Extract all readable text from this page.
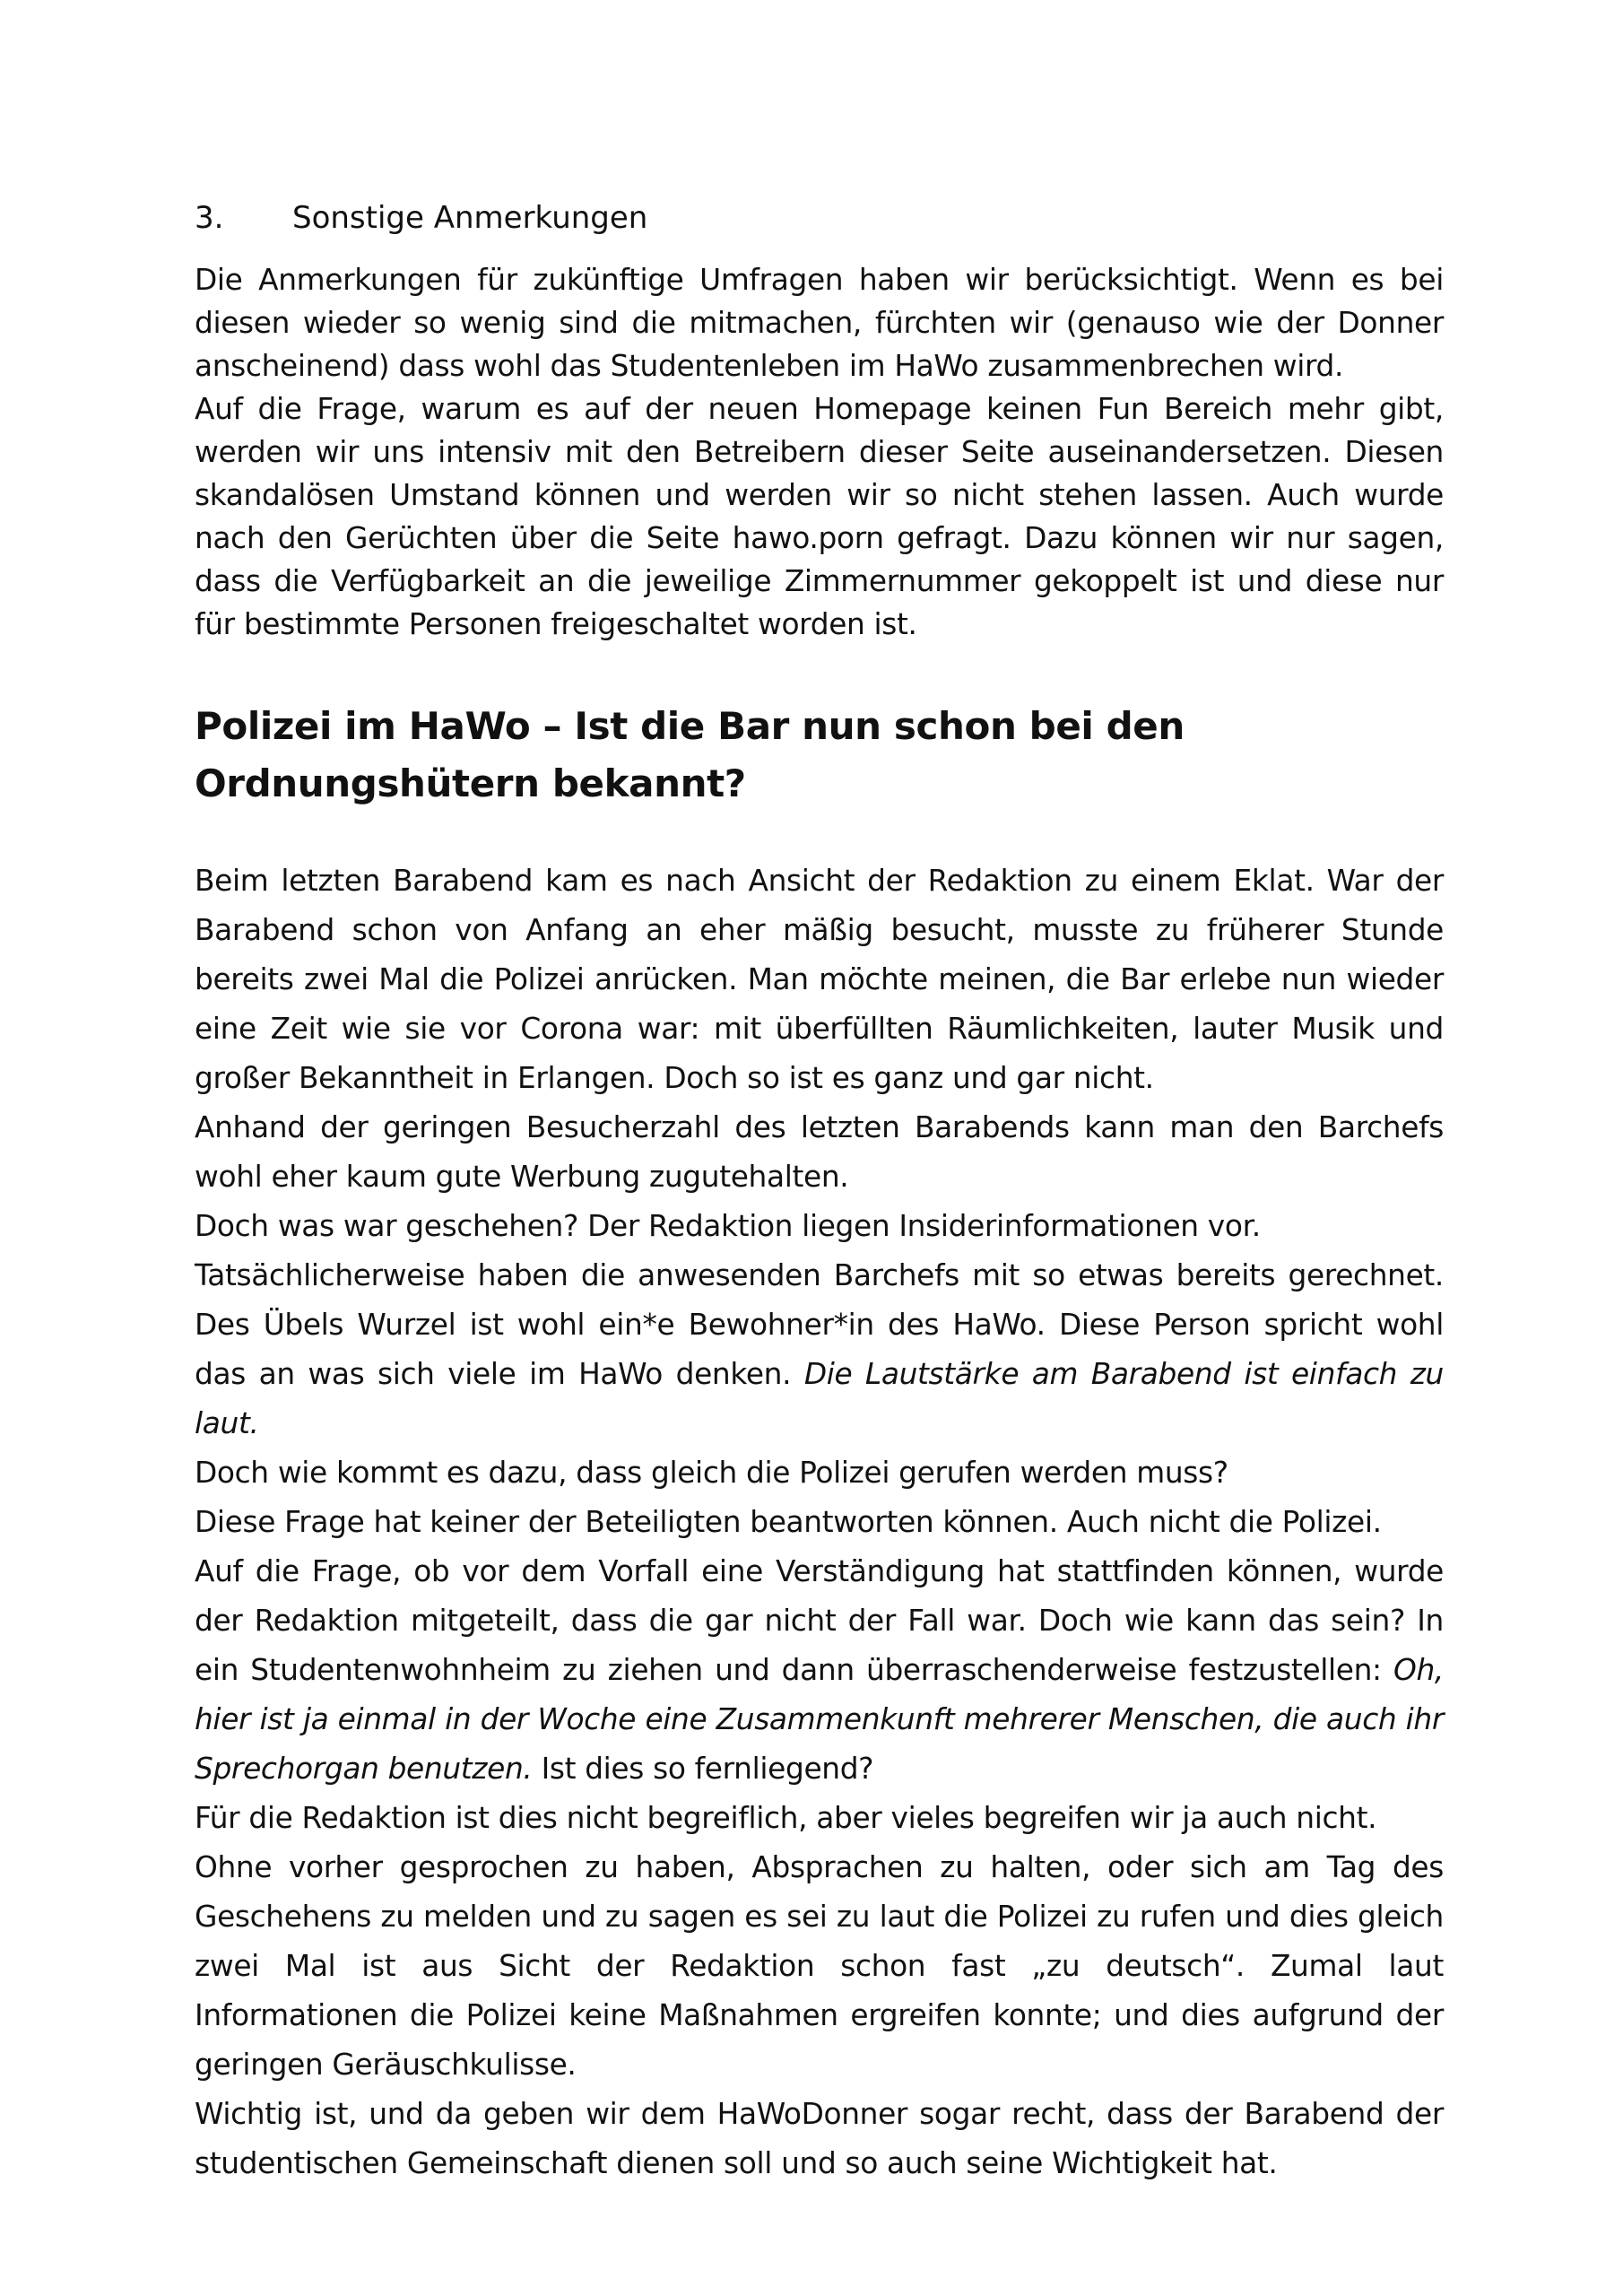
3. Sonstige Anmerkungen

Die Anmerkungen für zukünftige Umfragen haben wir berücksichtigt. Wenn es bei diesen wieder so wenig sind die mitmachen, fürchten wir (genauso wie der Donner anscheinend) dass wohl das Studentenleben im HaWo zusammenbrechen wird.

Auf die Frage, warum es auf der neuen Homepage keinen Fun Bereich mehr gibt, werden wir uns intensiv mit den Betreibern dieser Seite auseinandersetzen. Diesen skandalösen Umstand können und werden wir so nicht stehen lassen. Auch wurde nach den Gerüchten über die Seite hawo.porn gefragt. Dazu können wir nur sagen, dass die Verfügbarkeit an die jeweilige Zimmernummer gekoppelt ist und diese nur für bestimmte Personen freigeschaltet worden ist.

Polizei im HaWo – Ist die Bar nun schon bei den Ordnungshütern bekannt?

Beim letzten Barabend kam es nach Ansicht der Redaktion zu einem Eklat. War der Barabend schon von Anfang an eher mäßig besucht, musste zu früherer Stunde bereits zwei Mal die Polizei anrücken. Man möchte meinen, die Bar erlebe nun wieder eine Zeit wie sie vor Corona war: mit überfüllten Räumlichkeiten, lauter Musik und großer Bekanntheit in Erlangen. Doch so ist es ganz und gar nicht.

Anhand der geringen Besucherzahl des letzten Barabends kann man den Barchefs wohl eher kaum gute Werbung zugutehalten.

Doch was war geschehen? Der Redaktion liegen Insiderinformationen vor.

Tatsächlicherweise haben die anwesenden Barchefs mit so etwas bereits gerechnet. Des Übels Wurzel ist wohl ein*e Bewohner*in des HaWo. Diese Person spricht wohl das an was sich viele im HaWo denken. Die Lautstärke am Barabend ist einfach zu laut.

Doch wie kommt es dazu, dass gleich die Polizei gerufen werden muss?

Diese Frage hat keiner der Beteiligten beantworten können. Auch nicht die Polizei.

Auf die Frage, ob vor dem Vorfall eine Verständigung hat stattfinden können, wurde der Redaktion mitgeteilt, dass die gar nicht der Fall war. Doch wie kann das sein? In ein Studentenwohnheim zu ziehen und dann überraschenderweise festzustellen: Oh, hier ist ja einmal in der Woche eine Zusammenkunft mehrerer Menschen, die auch ihr Sprechorgan benutzen. Ist dies so fernliegend?

Für die Redaktion ist dies nicht begreiflich, aber vieles begreifen wir ja auch nicht.

Ohne vorher gesprochen zu haben, Absprachen zu halten, oder sich am Tag des Geschehens zu melden und zu sagen es sei zu laut die Polizei zu rufen und dies gleich zwei Mal ist aus Sicht der Redaktion schon fast „zu deutsch“. Zumal laut Informationen die Polizei keine Maßnahmen ergreifen konnte; und dies aufgrund der geringen Geräuschkulisse.

Wichtig ist, und da geben wir dem HaWoDonner sogar recht, dass der Barabend der studentischen Gemeinschaft dienen soll und so auch seine Wichtigkeit hat.
